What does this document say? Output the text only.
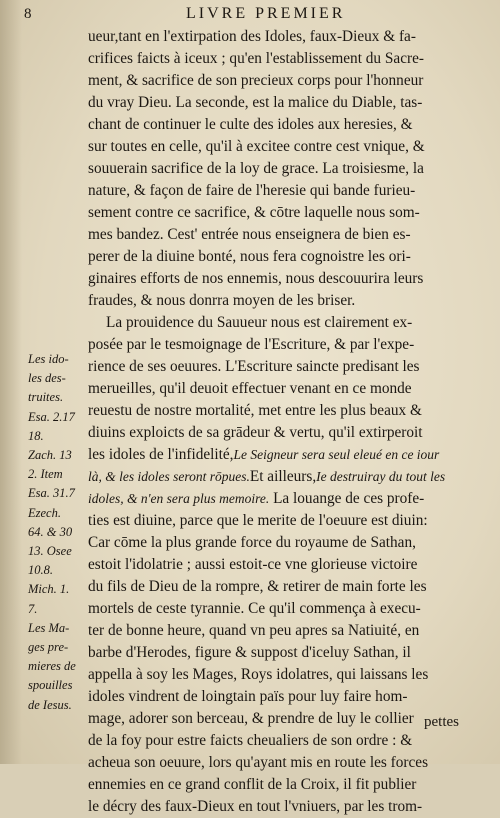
8	LIVRE PREMIER
ueur,tant en l'extirpation des Idoles, faux-Dieux & fa-
crifices faicts à iceux ; qu'en l'establissement du Sacre-
ment, & sacrifice de son precieux corps pour l'honneur
du vray Dieu. La seconde, est la malice du Diable, tas-
chant de continuer le culte des idoles aux heresies, &
sur toutes en celle, qu'il à excitee contre cest vnique, &
souuerain sacrifice de la loy de grace. La troisiesme, la
nature, & façon de faire de l'heresie qui bande furieu-
sement contre ce sacrifice, & cōtre laquelle nous som-
mes bandez. Cest' entrée nous enseignera de bien es-
perer de la diuine bonté, nous fera cognoistre les ori-
ginaires efforts de nos ennemis, nous descouurira leurs
fraudes, & nous donrra moyen de les briser.
La prouidence du Sauueur nous est clairement ex-
posée par le tesmoignage de l'Escriture, & par l'expe-
rience de ses oeuures. L'Escriture saincte predisant les
merueilles, qu'il deuoit effectuer venant en ce monde
reuestu de nostre mortalité, met entre les plus beaux &
diuins exploicts de sa grādeur & vertu, qu'il extirperoit
les idoles de l'infidelité,Le Seigneur sera seul eleué en ce iour
là, & les idoles seront rōpues.Et ailleurs,Ie destruiray du tout les
idoles, & n'en sera plus memoire. La louange de ces profe-
ties est diuine, parce que le merite de l'oeuure est diuin:
Car cōme la plus grande force du royaume de Sathan,
estoit l'idolatrie ; aussi estoit-ce vne glorieuse victoire
du fils de Dieu de la rompre, & retirer de main forte les
mortels de ceste tyrannie. Ce qu'il commença à execu-
ter de bonne heure, quand vn peu apres sa Natiuité, en
barbe d'Herodes, figure & suppost d'iceluy Sathan, il
appella à soy les Mages, Roys idolatres, qui laissans les
idoles vindrent de loingtain païs pour luy faire hom-
mage, adorer son berceau, & prendre de luy le collier
de la foy pour estre faicts cheualiers de son ordre : &
acheua son oeuure, lors qu'ayant mis en route les forces
ennemies en ce grand conflit de la Croix, il fit publier
le décry des faux-Dieux en tout l'vniuers, par les trom-
Les ido-
les des-
truites.
Esa. 2.17
18.
Zach. 13
2. Item
Esa. 31.7
Ezech.
64. & 30
13. Osee
10.8.
Mich. 1.
7.
Les Ma-
ges pre-
mieres de
spouilles
de Iesus.
pettes
